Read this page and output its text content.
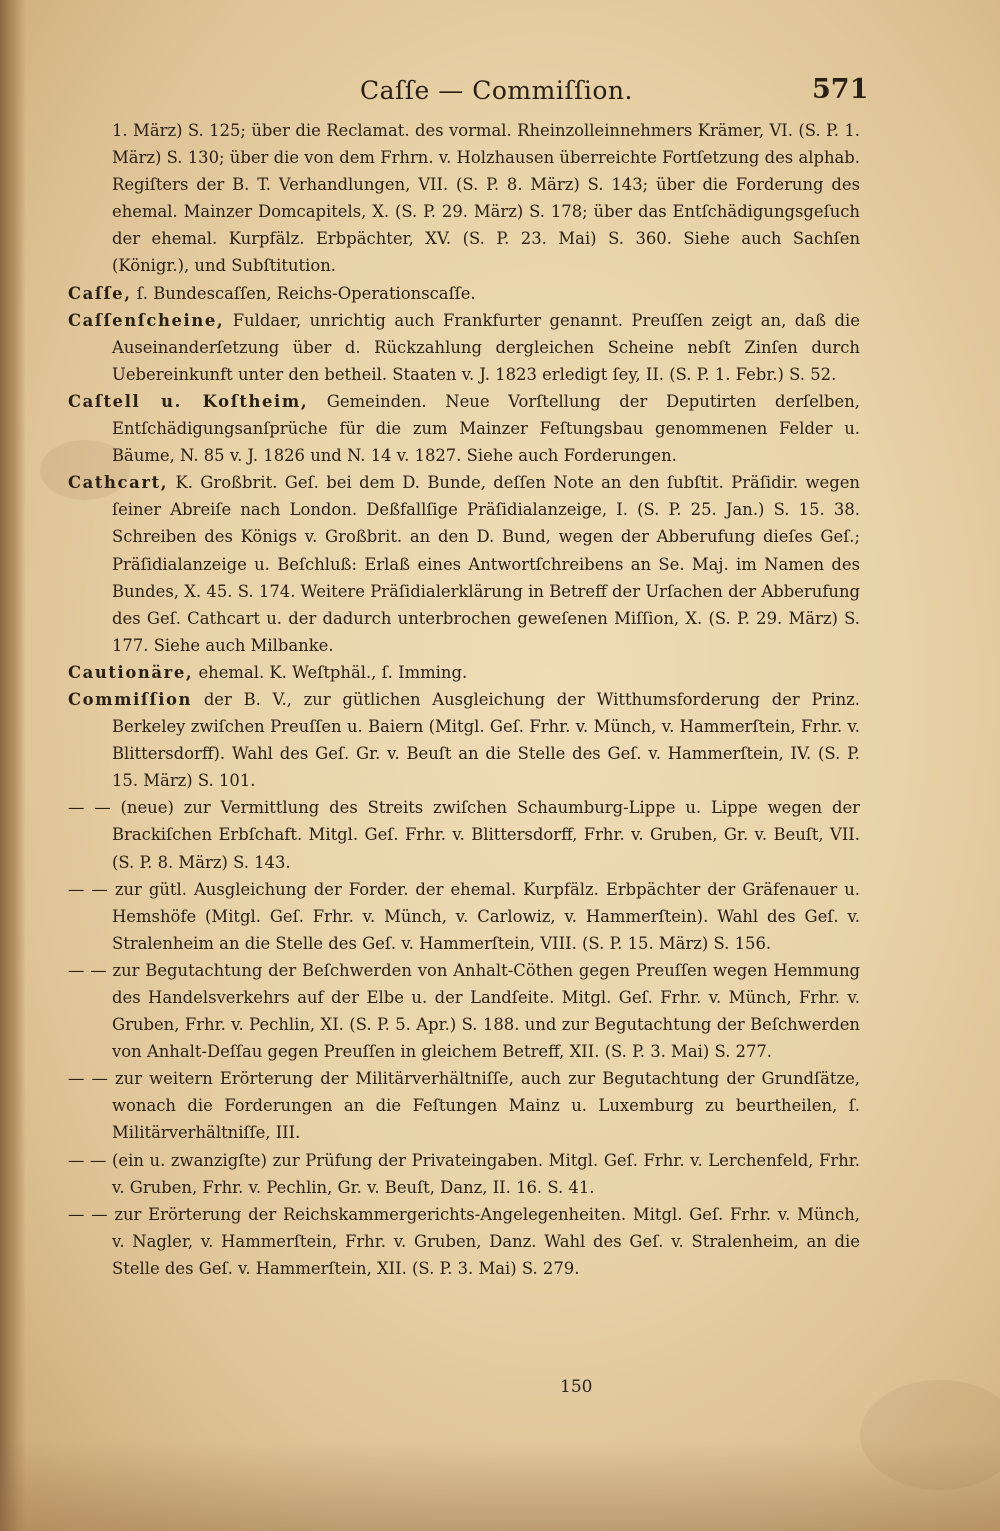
Caſſe — Commiſſion.	571
1. März) S. 125; über die Reclamat. des vormal. Rheinzolleinnehmers Krämer, VI. (S. P. 1. März) S. 130; über die von dem Frhrn. v. Holzhausen überreichte Fortſetzung des alphab. Regiſters der B. T. Verhandlungen, VII. (S. P. 8. März) S. 143; über die Forderung des ehemal. Mainzer Domcapitels, X. (S. P. 29. März) S. 178; über das Entſchädigungsgeſuch der ehemal. Kurpfälz. Erbpächter, XV. (S. P. 23. Mai) S. 360. Siehe auch Sachſen (Königr.), und Subſtitution.
Caſſe, ſ. Bundescaſſen, Reichs-Operationscaſſe.
Caſſenſcheine, Fuldaer, unrichtig auch Frankfurter genannt. Preuſſen zeigt an, daß die Auseinanderſetzung über d. Rückzahlung dergleichen Scheine nebſt Zinſen durch Uebereinkunft unter den betheil. Staaten v. J. 1823 erledigt ſey, II. (S. P. 1. Febr.) S. 52.
Caſtell u. Koſtheim, Gemeinden. Neue Vorſtellung der Deputirten derſelben, Entſchädigungsanſprüche für die zum Mainzer Feſtungsbau genommenen Felder u. Bäume, N. 85 v. J. 1826 und N. 14 v. 1827. Siehe auch Forderungen.
Cathcart, K. Großbrit. Geſ. bei dem D. Bunde, deſſen Note an den ſubſtit. Präſidir. wegen ſeiner Abreiſe nach London. Deßfallſige Präſidialanzeige, I. (S. P. 25. Jan.) S. 15. 38. Schreiben des Königs v. Großbrit. an den D. Bund, wegen der Abberufung dieſes Geſ.; Präſidialanzeige u. Beſchluß: Erlaß eines Antwortſchreibens an Se. Maj. im Namen des Bundes, X. 45. S. 174. Weitere Präſidialerklärung in Betreff der Urſachen der Abberufung des Geſ. Cathcart u. der dadurch unterbrochen geweſenen Miſſion, X. (S. P. 29. März) S. 177. Siehe auch Milbanke.
Cautionäre, ehemal. K. Weſtphäl., ſ. Imming.
Commiſſion der B. V., zur gütlichen Ausgleichung der Witthumsforderung der Prinz. Berkeley zwiſchen Preuſſen u. Baiern (Mitgl. Geſ. Frhr. v. Münch, v. Hammerſtein, Frhr. v. Blittersdorff). Wahl des Geſ. Gr. v. Beuſt an die Stelle des Geſ. v. Hammerſtein, IV. (S. P. 15. März) S. 101.
— — (neue) zur Vermittlung des Streits zwiſchen Schaumburg-Lippe u. Lippe wegen der Brackiſchen Erbſchaft. Mitgl. Geſ. Frhr. v. Blittersdorff, Frhr. v. Gruben, Gr. v. Beuſt, VII. (S. P. 8. März) S. 143.
— — zur gütl. Ausgleichung der Forder. der ehemal. Kurpfälz. Erbpächter der Gräfenauer u. Hemshöfe (Mitgl. Geſ. Frhr. v. Münch, v. Carlowiz, v. Hammerſtein). Wahl des Geſ. v. Stralenheim an die Stelle des Geſ. v. Hammerſtein, VIII. (S. P. 15. März) S. 156.
— — zur Begutachtung der Beſchwerden von Anhalt-Cöthen gegen Preuſſen wegen Hemmung des Handelsverkehrs auf der Elbe u. der Landſeite. Mitgl. Geſ. Frhr. v. Münch, Frhr. v. Gruben, Frhr. v. Pechlin, XI. (S. P. 5. Apr.) S. 188. und zur Begutachtung der Beſchwerden von Anhalt-Deſſau gegen Preuſſen in gleichem Betreff, XII. (S. P. 3. Mai) S. 277.
— — zur weitern Erörterung der Militärverhältniſſe, auch zur Begutachtung der Grundſätze, wonach die Forderungen an die Feſtungen Mainz u. Luxemburg zu beurtheilen, ſ. Militärverhältniſſe, III.
— — (ein u. zwanzigſte) zur Prüfung der Privateingaben. Mitgl. Geſ. Frhr. v. Lerchenfeld, Frhr. v. Gruben, Frhr. v. Pechlin, Gr. v. Beuſt, Danz, II. 16. S. 41.
— — zur Erörterung der Reichskammergerichts-Angelegenheiten. Mitgl. Geſ. Frhr. v. Münch, v. Nagler, v. Hammerſtein, Frhr. v. Gruben, Danz. Wahl des Geſ. v. Stralenheim, an die Stelle des Geſ. v. Hammerſtein, XII. (S. P. 3. Mai) S. 279.
150
